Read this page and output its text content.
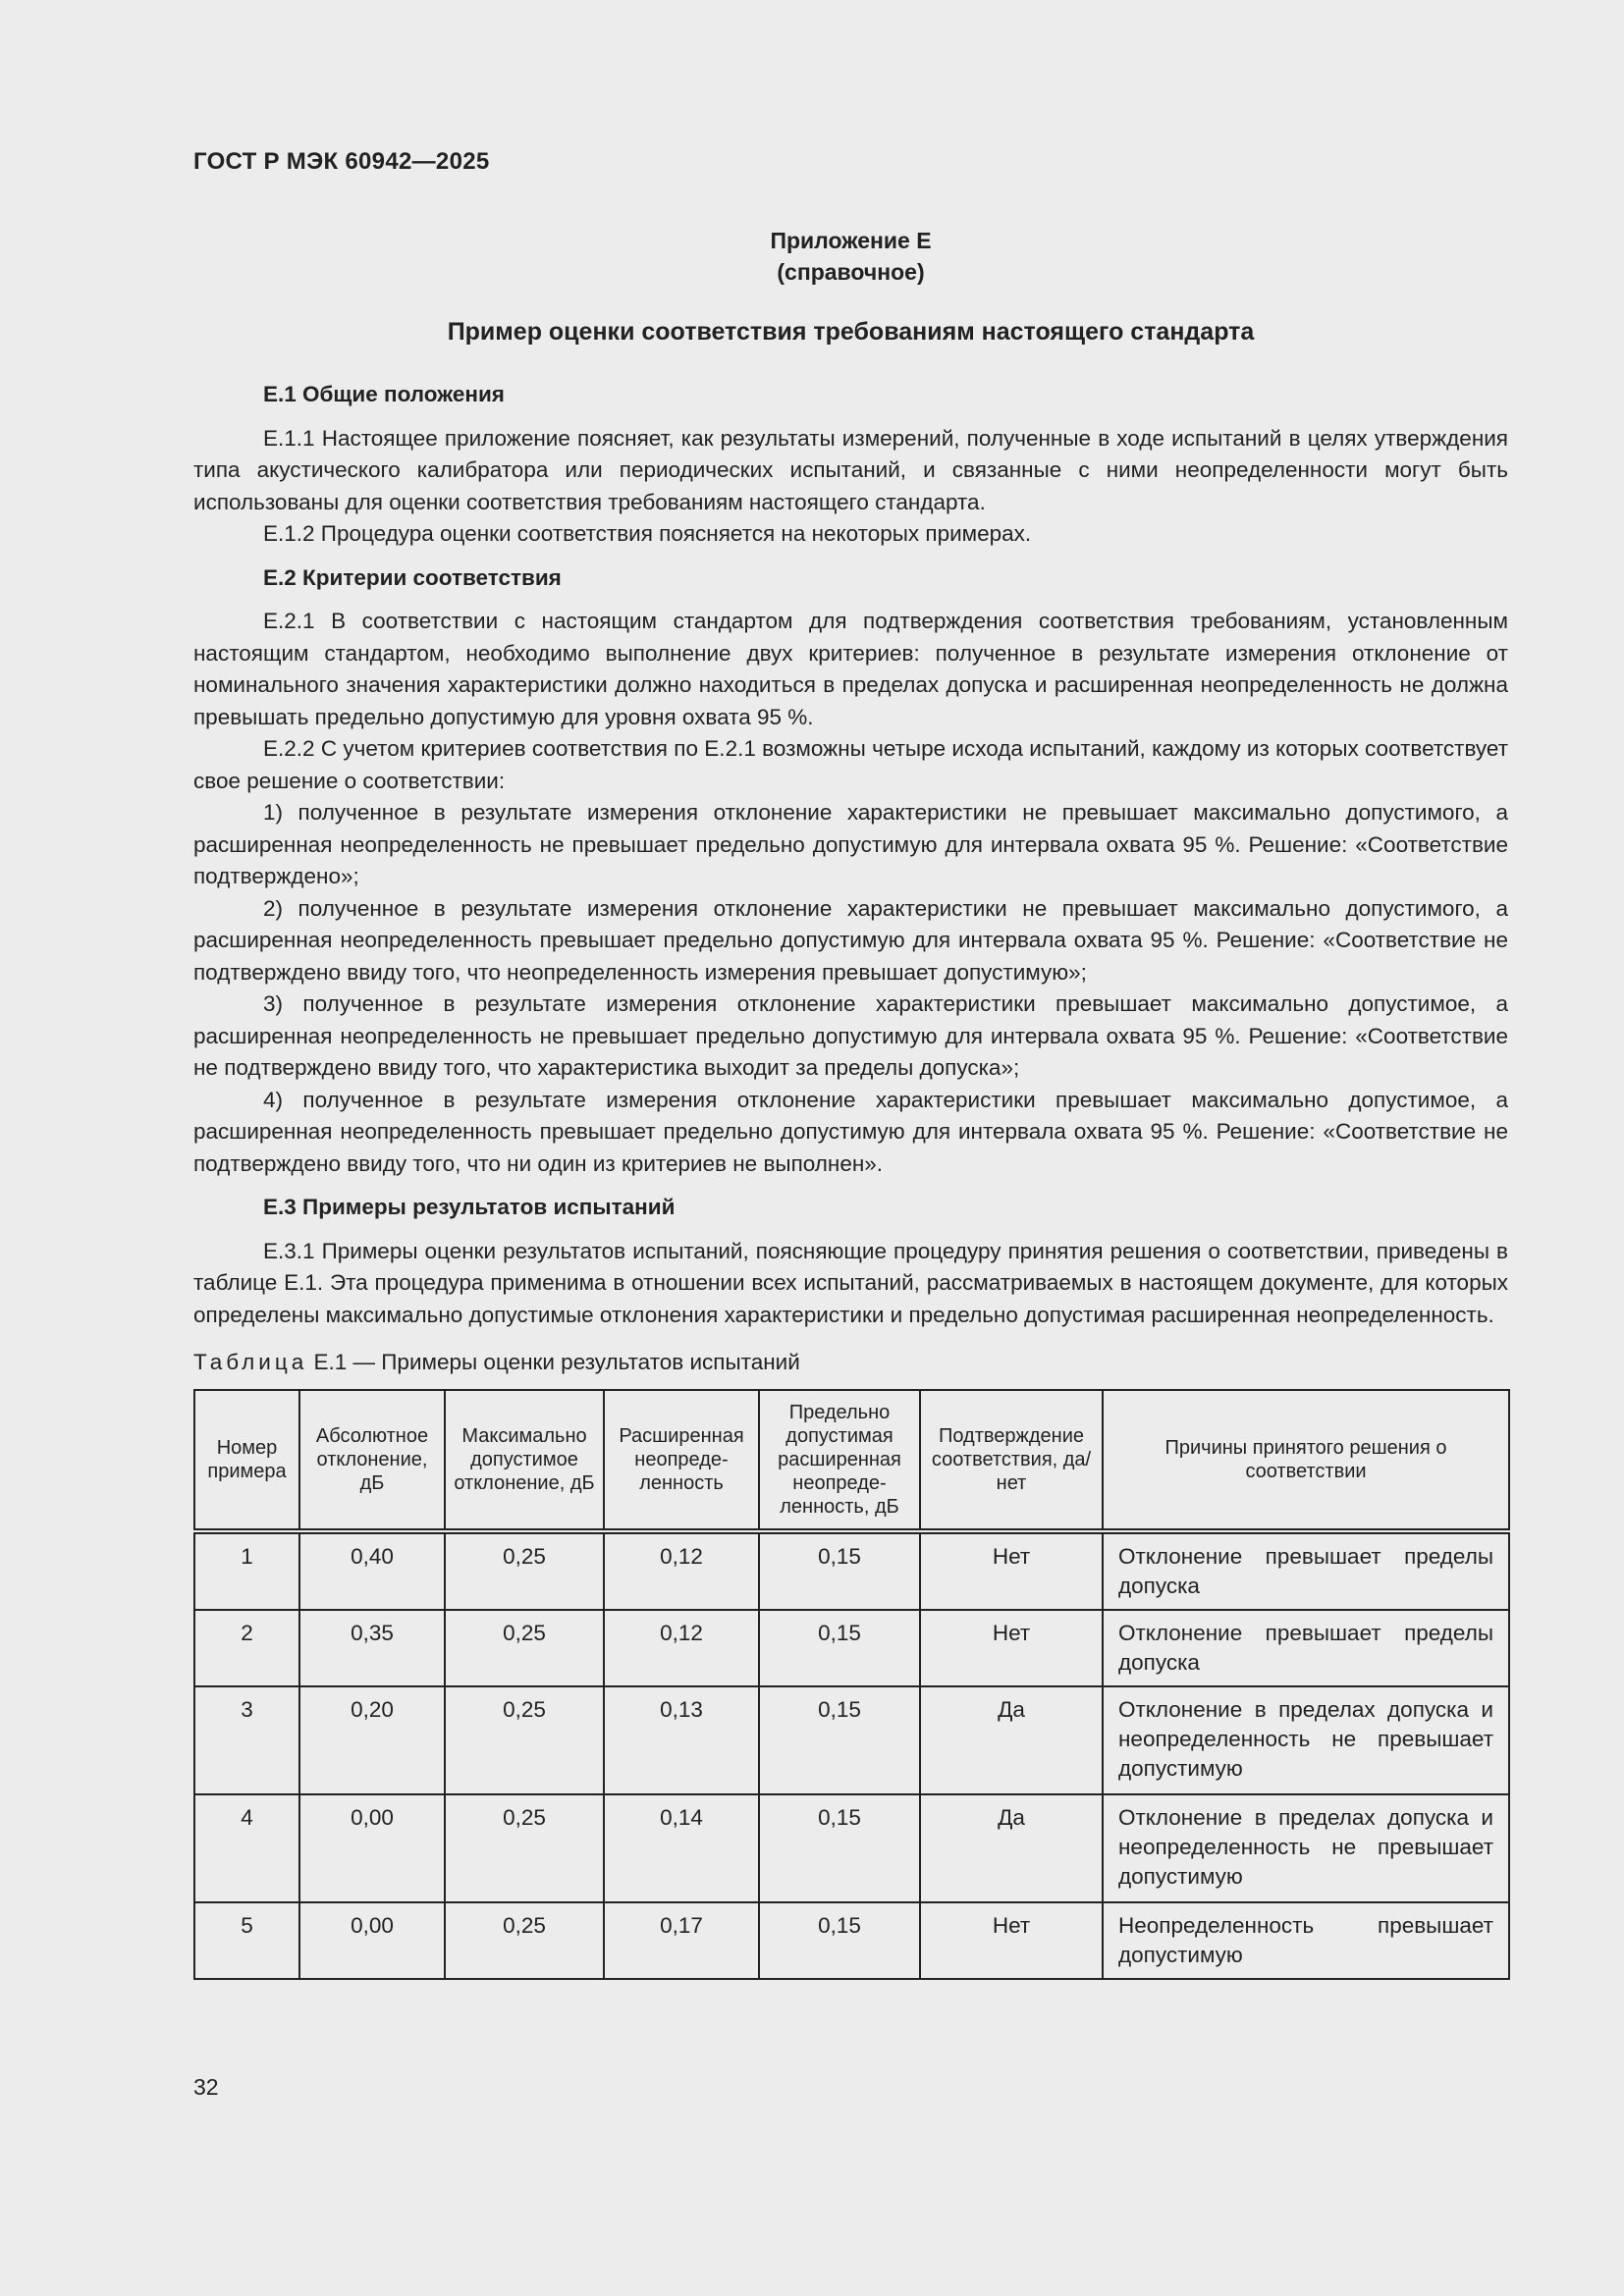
ГОСТ Р МЭК 60942—2025
Приложение Е
(справочное)
Пример оценки соответствия требованиям настоящего стандарта
Е.1 Общие положения

Е.1.1 Настоящее приложение поясняет, как результаты измерений, полученные в ходе испытаний в целях утверждения типа акустического калибратора или периодических испытаний, и связанные с ними неопределенности могут быть использованы для оценки соответствия требованиям настоящего стандарта.

Е.1.2 Процедура оценки соответствия поясняется на некоторых примерах.

Е.2 Критерии соответствия

Е.2.1 В соответствии с настоящим стандартом для подтверждения соответствия требованиям, установленным настоящим стандартом, необходимо выполнение двух критериев: полученное в результате измерения отклонение от номинального значения характеристики должно находиться в пределах допуска и расширенная неопределенность не должна превышать предельно допустимую для уровня охвата 95 %.

Е.2.2 С учетом критериев соответствия по Е.2.1 возможны четыре исхода испытаний, каждому из которых соответствует свое решение о соответствии:

1) полученное в результате измерения отклонение характеристики не превышает максимально допустимого, а расширенная неопределенность не превышает предельно допустимую для интервала охвата 95 %. Решение: «Соответствие подтверждено»;

2) полученное в результате измерения отклонение характеристики не превышает максимально допустимого, а расширенная неопределенность превышает предельно допустимую для интервала охвата 95 %. Решение: «Соответствие не подтверждено ввиду того, что неопределенность измерения превышает допустимую»;

3) полученное в результате измерения отклонение характеристики превышает максимально допустимое, а расширенная неопределенность не превышает предельно допустимую для интервала охвата 95 %. Решение: «Соответствие не подтверждено ввиду того, что характеристика выходит за пределы допуска»;

4) полученное в результате измерения отклонение характеристики превышает максимально допустимое, а расширенная неопределенность превышает предельно допустимую для интервала охвата 95 %. Решение: «Соответствие не подтверждено ввиду того, что ни один из критериев не выполнен».

Е.3 Примеры результатов испытаний

Е.3.1 Примеры оценки результатов испытаний, поясняющие процедуру принятия решения о соответствии, приведены в таблице Е.1. Эта процедура применима в отношении всех испытаний, рассматриваемых в настоящем документе, для которых определены максимально допустимые отклонения характеристики и предельно допустимая расширенная неопределенность.

Таблица Е.1 — Примеры оценки результатов испытаний
Номер примера	Абсолютное отклонение, дБ	Максимально допустимое отклонение, дБ	Расширенная неопреде-ленность	Предельно допустимая расширенная неопреде-ленность, дБ	Подтверждение соответствия, да/нет	Причины принятого решения о соответствии
1	0,40	0,25	0,12	0,15	Нет	Отклонение превышает пределы допуска
2	0,35	0,25	0,12	0,15	Нет	Отклонение превышает пределы допуска
3	0,20	0,25	0,13	0,15	Да	Отклонение в пределах допуска и неопределенность не превышает допустимую
4	0,00	0,25	0,14	0,15	Да	Отклонение в пределах допуска и неопределенность не превышает допустимую
5	0,00	0,25	0,17	0,15	Нет	Неопределенность превышает допустимую
32
